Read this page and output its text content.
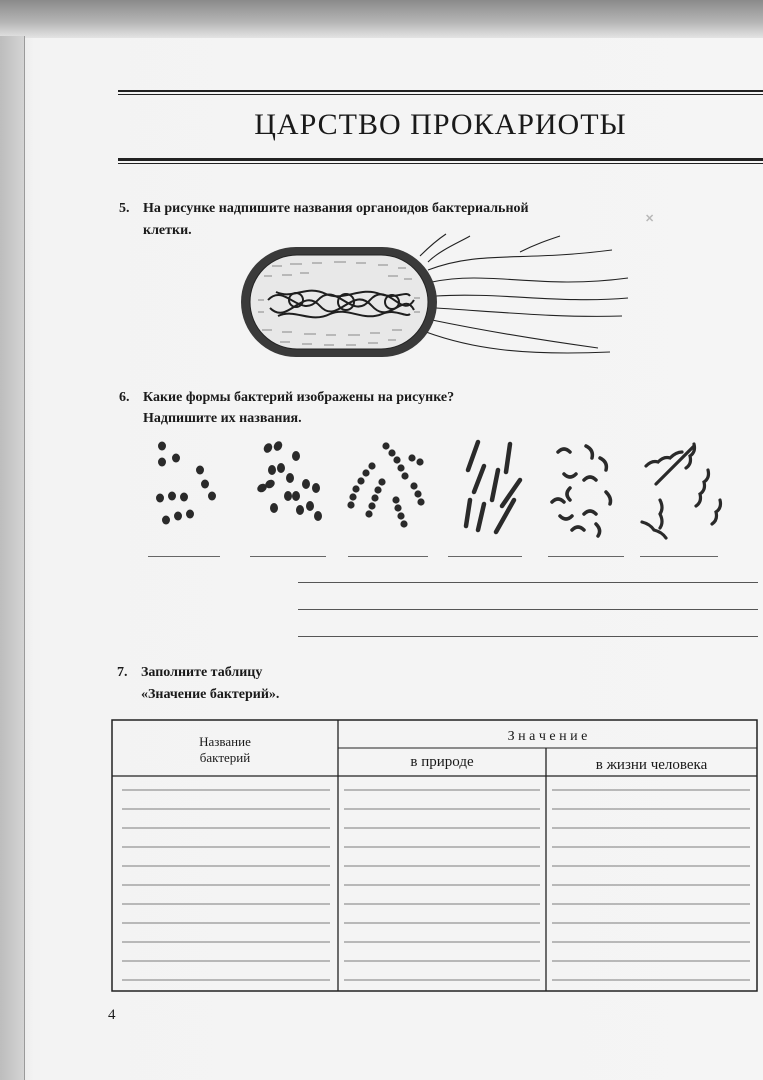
✕
ЦАРСТВО ПРОКАРИОТЫ
5. На рисунке надпишите названия органоидов бактериальной
клетки.
6. Какие формы бактерий изображены на рисунке?
Надпишите их названия.
7. Заполните таблицу
«Значение бактерий».
Название
бактерий
З н а ч е н и е
в природе	в жизни человека
4
